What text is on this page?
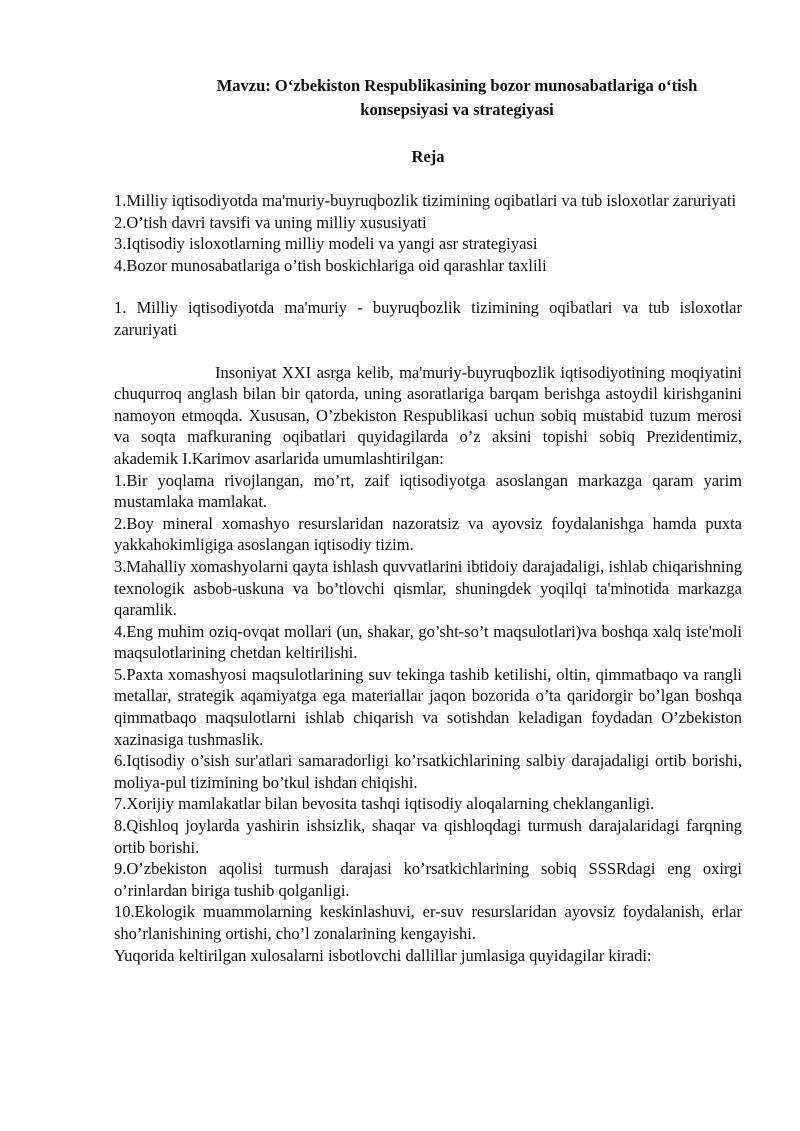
Mavzu: O‘zbekiston Respublikasining bozor munosabatlariga o‘tish konsepsiyasi va strategiyasi
Reja
1.Milliy iqtisodiyotda ma'muriy-buyruqbozlik tizimining oqibatlari va tub isloxotlar zaruriyati
2.O’tish davri tavsifi va uning milliy xususiyati
3.Iqtisodiy isloxotlarning milliy modeli va yangi asr strategiyasi
4.Bozor munosabatlariga o’tish boskichlariga oid qarashlar taxlili

1. Milliy iqtisodiyotda ma'muriy - buyruqbozlik tizimining oqibatlari va tub isloxotlar zaruriyati

Insoniyat XXI asrga kelib, ma'muriy-buyruqbozlik iqtisodiyotining moqiyatini chuqurroq anglash bilan bir qatorda, uning asoratlariga barqam berishga astoydil kirishganini namoyon etmoqda. Xususan, O’zbekiston Respublikasi uchun sobiq mustabid tuzum merosi va soqta mafkuraning oqibatlari quyidagilarda o’z aksini topishi sobiq Prezidentimiz, akademik I.Karimov asarlarida umumlashtirilgan:

1.Bir yoqlama rivojlangan, mo’rt, zaif iqtisodiyotga asoslangan markazga qaram yarim mustamlaka mamlakat.

2.Boy mineral xomashyo resurslaridan nazoratsiz va ayovsiz foydalanishga hamda puxta yakkahokimligiga asoslangan iqtisodiy tizim.

3.Mahalliy xomashyolarni qayta ishlash quvvatlarini ibtidoiy darajadaligi, ishlab chiqarishning texnologik asbob-uskuna va bo’tlovchi qismlar, shuningdek yoqilqi ta'minotida markazga qaramlik.

4.Eng muhim oziq-ovqat mollari (un, shakar, go’sht-so’t maqsulotlari)va boshqa xalq iste'moli maqsulotlarining chetdan keltirilishi.

5.Paxta xomashyosi maqsulotlarining suv tekinga tashib ketilishi, oltin, qimmatbaqo va rangli metallar, strategik aqamiyatga ega materiallar jaqon bozorida o’ta qaridorgir bo’lgan boshqa qimmatbaqo maqsulotlarni ishlab chiqarish va sotishdan keladigan foydadan O’zbekiston xazinasiga tushmaslik.

6.Iqtisodiy o’sish sur'atlari samaradorligi ko’rsatkichlarining salbiy darajadaligi ortib borishi, moliya-pul tizimining bo’tkul ishdan chiqishi.

7.Xorijiy mamlakatlar bilan bevosita tashqi iqtisodiy aloqalarning cheklanganligi.

8.Qishloq joylarda yashirin ishsizlik, shaqar va qishloqdagi turmush darajalaridagi farqning ortib borishi.

9.O’zbekiston aqolisi turmush darajasi ko’rsatkichlarining sobiq SSSRdagi eng oxirgi o’rinlardan biriga tushib qolganligi.

10.Ekologik muammolarning keskinlashuvi, er-suv resurslaridan ayovsiz foydalanish, erlar sho’rlanishining ortishi, cho’l zonalarining kengayishi.

Yuqorida keltirilgan xulosalarni isbotlovchi dallillar jumlasiga quyidagilar kiradi:
